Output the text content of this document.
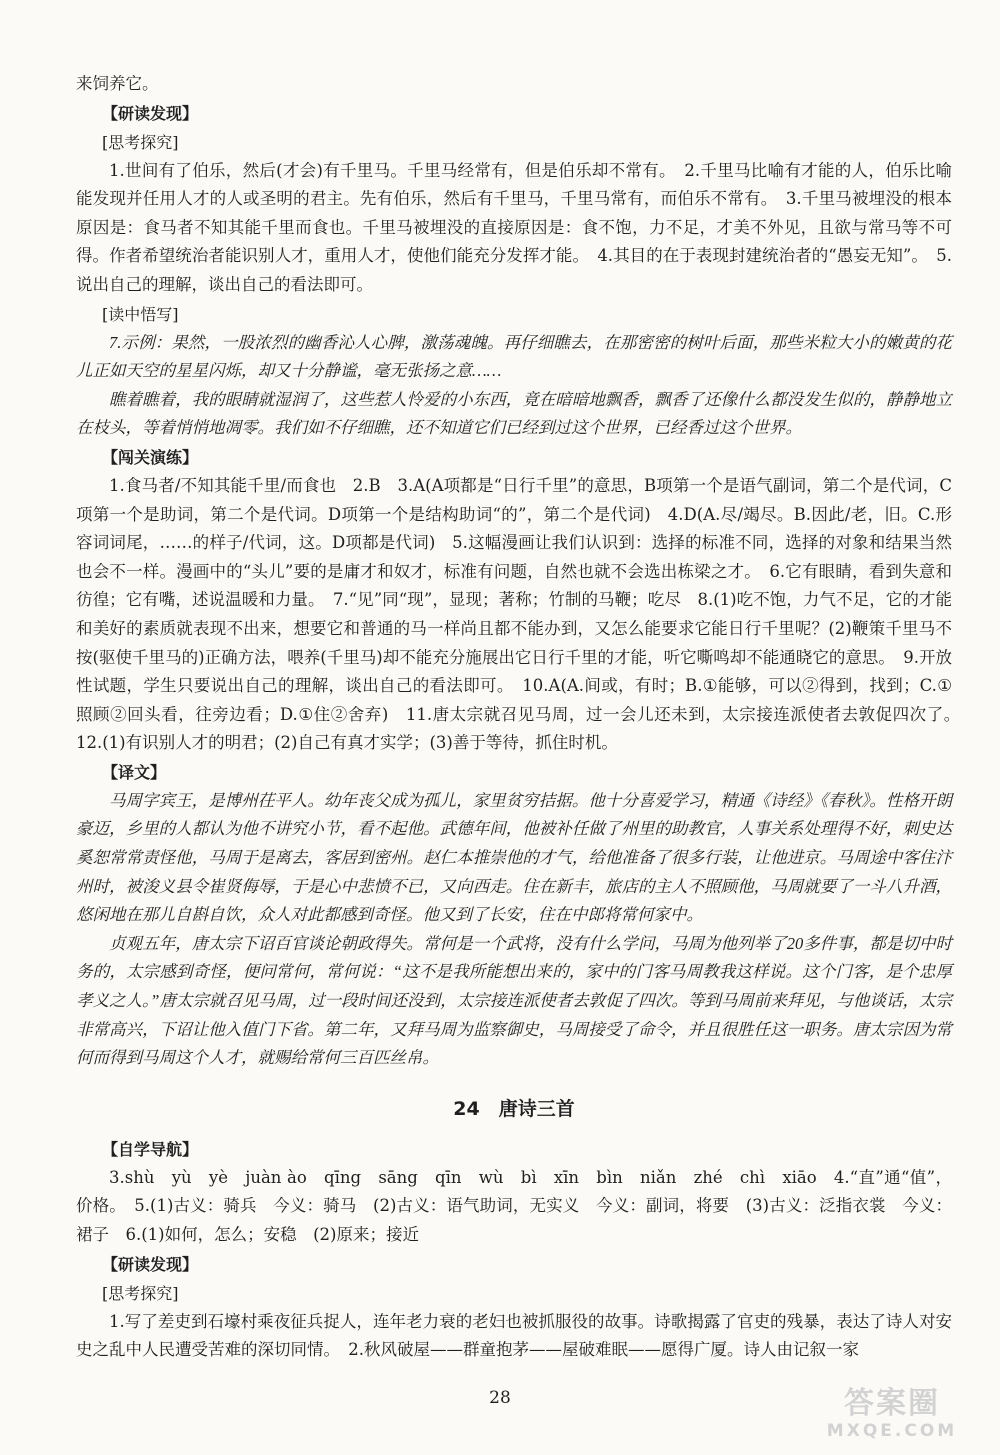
来饲养它。

【研读发现】
[思考探究]

1.世间有了伯乐，然后(才会)有千里马。千里马经常有，但是伯乐却不常有。　2.千里马比喻有才能的人，伯乐比喻能发现并任用人才的人或圣明的君主。先有伯乐，然后有千里马，千里马常有，而伯乐不常有。　3.千里马被埋没的根本原因是：食马者不知其能千里而食也。千里马被埋没的直接原因是：食不饱，力不足，才美不外见，且欲与常马等不可得。作者希望统治者能识别人才，重用人才，使他们能充分发挥才能。　4.其目的在于表现封建统治者的“愚妄无知”。　5.说出自己的理解，谈出自己的看法即可。

[读中悟写]

7.示例：果然，一股浓烈的幽香沁人心脾，激荡魂魄。再仔细瞧去，在那密密的树叶后面，那些米粒大小的嫩黄的花儿正如天空的星星闪烁，却又十分静谧，毫无张扬之意……

瞧着瞧着，我的眼睛就湿润了，这些惹人怜爱的小东西，竟在暗暗地飘香，飘香了还像什么都没发生似的，静静地立在枝头，等着悄悄地凋零。我们如不仔细瞧，还不知道它们已经到过这个世界，已经香过这个世界。

【闯关演练】

1.食马者/不知其能千里/而食也　2.B　3.A(A项都是“日行千里”的意思，B项第一个是语气副词，第二个是代词，C项第一个是助词，第二个是代词。D项第一个是结构助词“的”，第二个是代词)　4.D(A.尽/竭尽。B.因此/老，旧。C.形容词词尾，……的样子/代词，这。D项都是代词)　5.这幅漫画让我们认识到：选择的标准不同，选择的对象和结果当然也会不一样。漫画中的“头儿”要的是庸才和奴才，标准有问题，自然也就不会选出栋梁之才。　6.它有眼睛，看到失意和彷徨；它有嘴，述说温暖和力量。　7.“见”同“现”，显现；著称；竹制的马鞭；吃尽　8.(1)吃不饱，力气不足，它的才能和美好的素质就表现不出来，想要它和普通的马一样尚且都不能办到，又怎么能要求它能日行千里呢？(2)鞭策千里马不按(驱使千里马的)正确方法，喂养(千里马)却不能充分施展出它日行千里的才能，听它嘶鸣却不能通晓它的意思。　9.开放性试题，学生只要说出自己的理解，谈出自己的看法即可。　10.A(A.间或，有时；B.①能够，可以②得到，找到；C.①照顾②回头看，往旁边看；D.①住②舍弃)　11.唐太宗就召见马周，过一会儿还未到，太宗接连派使者去敦促四次了。　12.(1)有识别人才的明君；(2)自己有真才实学；(3)善于等待，抓住时机。

【译文】

马周字宾王，是博州茌平人。幼年丧父成为孤儿，家里贫穷拮据。他十分喜爱学习，精通《诗经》《春秋》。性格开朗豪迈，乡里的人都认为他不讲究小节，看不起他。武德年间，他被补任做了州里的助教官，人事关系处理得不好，刺史达奚恕常常责怪他，马周于是离去，客居到密州。赵仁本推崇他的才气，给他准备了很多行装，让他进京。马周途中客住汴州时，被浚义县令崔贤侮辱，于是心中悲愤不已，又向西走。住在新丰，旅店的主人不照顾他，马周就要了一斗八升酒，悠闲地在那儿自斟自饮，众人对此都感到奇怪。他又到了长安，住在中郎将常何家中。

贞观五年，唐太宗下诏百官谈论朝政得失。常何是一个武将，没有什么学问，马周为他列举了20多件事，都是切中时务的，太宗感到奇怪，便问常何，常何说：“这不是我所能想出来的，家中的门客马周教我这样说。这个门客，是个忠厚孝义之人。”唐太宗就召见马周，过一段时间还没到，太宗接连派使者去敦促了四次。等到马周前来拜见，与他谈话，太宗非常高兴，下诏让他入值门下省。第二年，又拜马周为监察御史，马周接受了命令，并且很胜任这一职务。唐太宗因为常何而得到马周这个人才，就赐给常何三百匹丝帛。

24　唐诗三首
【自学导航】

3.shù　yù　yè　juàn ào　qīng　sāng　qīn　wù　bì　xīn　bìn　niǎn　zhé　chì　xiāo　4.“直”通“值”，价格。　5.(1)古义：骑兵　今义：骑马　(2)古义：语气助词，无实义　今义：副词，将要　(3)古义：泛指衣裳　今义：裙子　6.(1)如何，怎么；安稳　(2)原来；接近

【研读发现】
[思考探究]

1.写了差吏到石壕村乘夜征兵捉人，连年老力衰的老妇也被抓服役的故事。诗歌揭露了官吏的残暴，表达了诗人对安史之乱中人民遭受苦难的深切同情。　2.秋风破屋——群童抱茅——屋破难眠——愿得广厦。诗人由记叙一家

28	答案圈
MXQE.COM
